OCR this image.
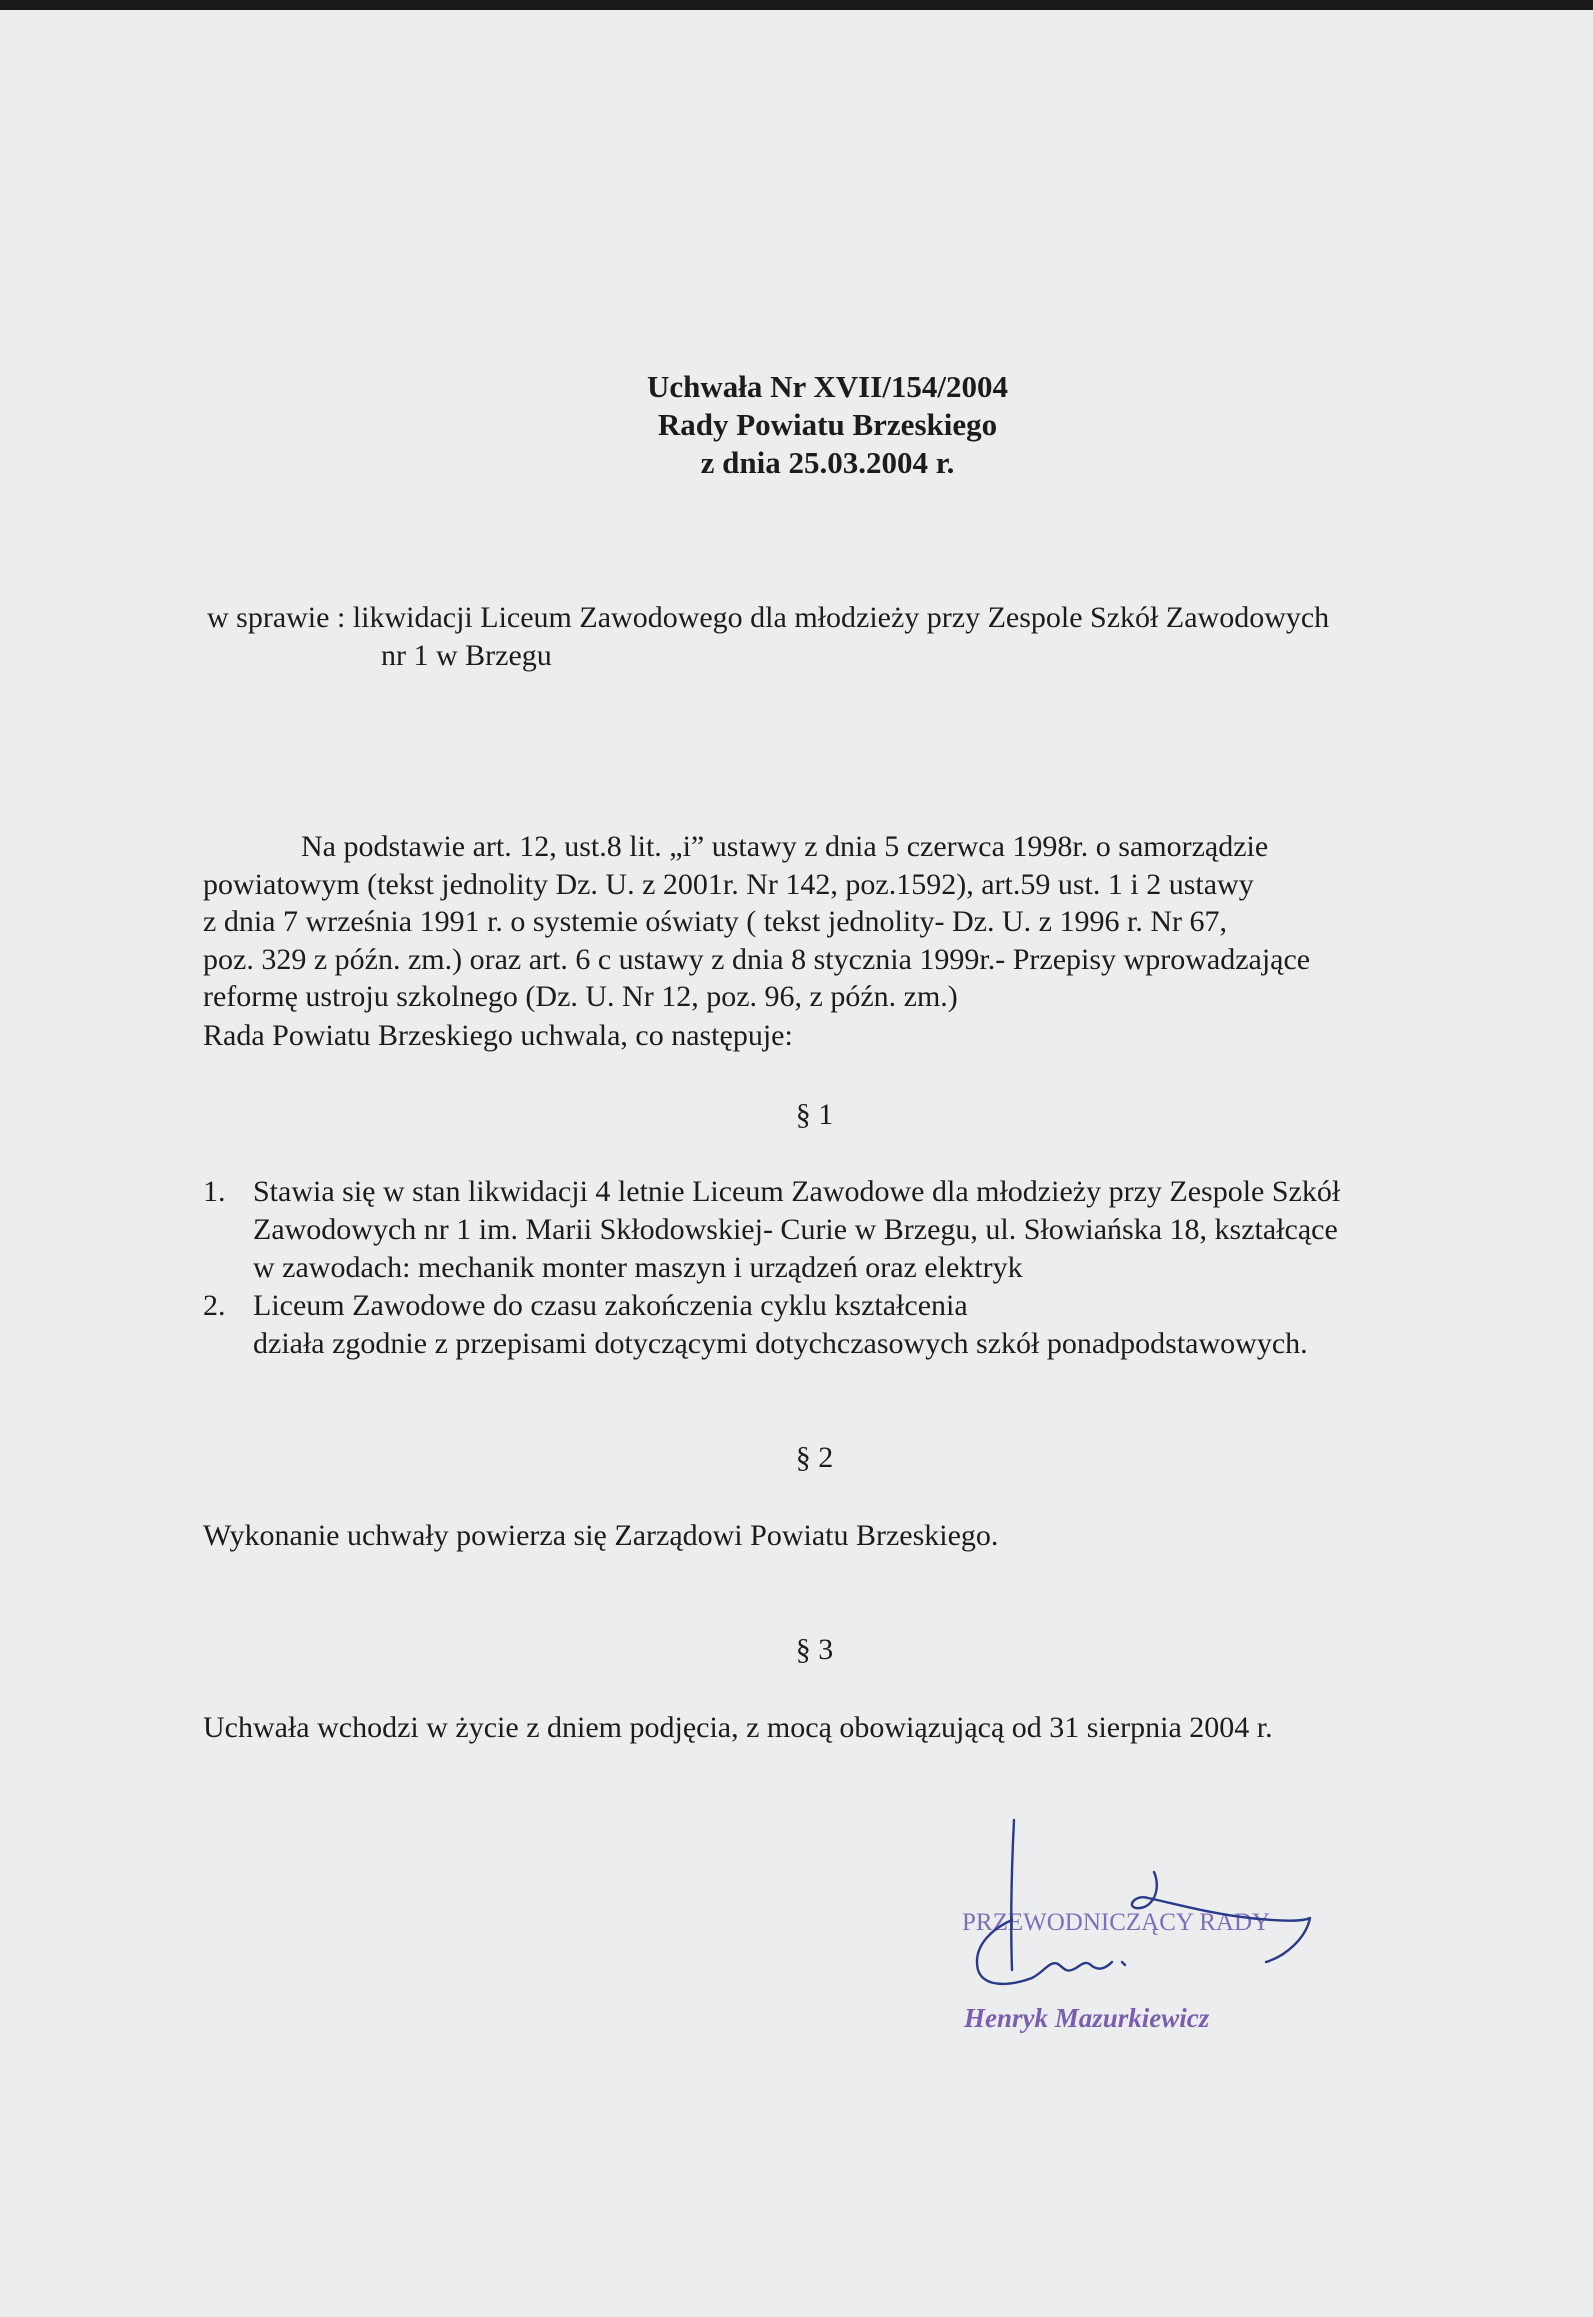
Uchwała Nr XVII/154/2004
Rady Powiatu Brzeskiego
z dnia 25.03.2004 r.
w sprawie : likwidacji Liceum Zawodowego dla młodzieży przy Zespole Szkół Zawodowych
nr 1 w Brzegu
Na podstawie art. 12, ust.8 lit. „i” ustawy z dnia 5 czerwca 1998r. o samorządzie
powiatowym (tekst jednolity Dz. U. z 2001r. Nr 142, poz.1592), art.59 ust. 1 i 2 ustawy
z dnia 7 września 1991 r. o systemie oświaty ( tekst jednolity- Dz. U. z 1996 r. Nr 67,
poz. 329 z późn. zm.) oraz art. 6 c ustawy z dnia 8 stycznia 1999r.- Przepisy wprowadzające
reformę ustroju szkolnego (Dz. U. Nr 12, poz. 96, z późn. zm.)
Rada Powiatu Brzeskiego uchwala, co następuje:
§ 1
1. Stawia się w stan likwidacji 4 letnie Liceum Zawodowe dla młodzieży przy Zespole Szkół
Zawodowych nr 1 im. Marii Skłodowskiej- Curie w Brzegu, ul. Słowiańska 18, kształcące
w zawodach: mechanik monter maszyn i urządzeń oraz elektryk
2. Liceum Zawodowe do czasu zakończenia cyklu kształcenia
działa zgodnie z przepisami dotyczącymi dotychczasowych szkół ponadpodstawowych.
§ 2
Wykonanie uchwały powierza się Zarządowi Powiatu Brzeskiego.
§ 3
Uchwała wchodzi w życie z dniem podjęcia, z mocą obowiązującą od 31 sierpnia 2004 r.
PRZEWODNICZĄCY RADY
Henryk Mazurkiewicz
